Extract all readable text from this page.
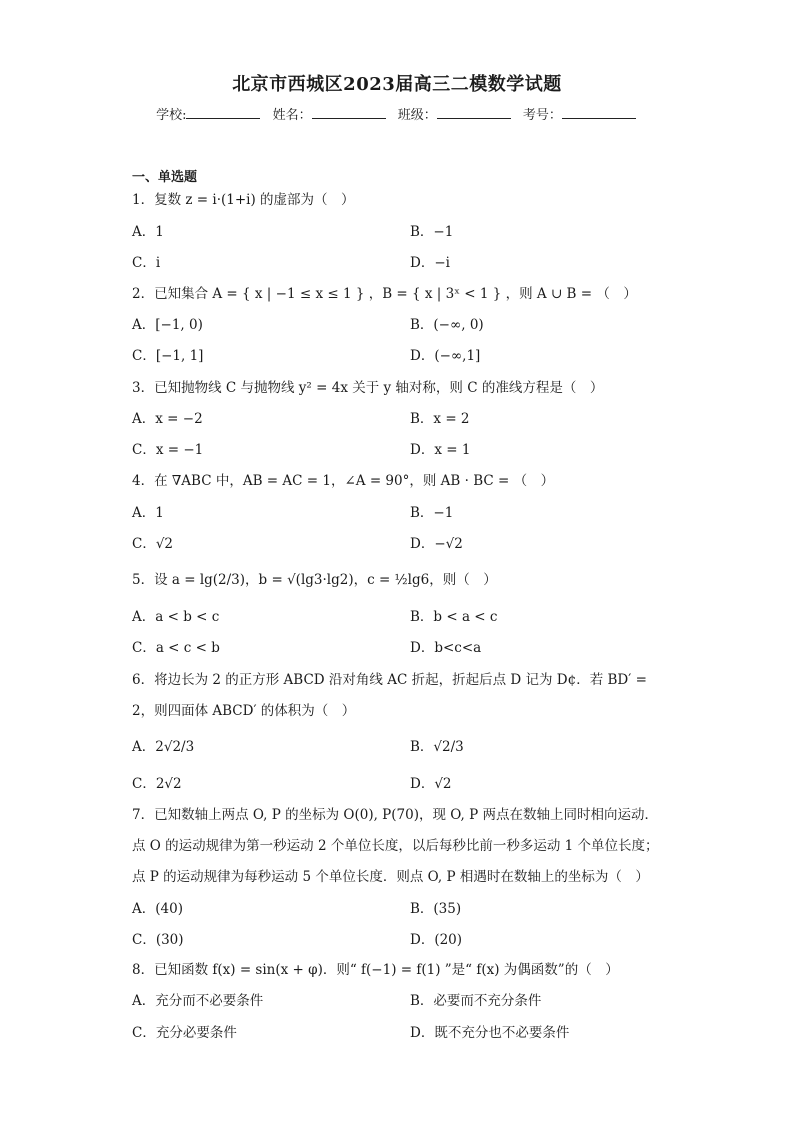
北京市西城区2023届高三二模数学试题
学校:	姓名：	班级：	考号：
一、单选题
1．复数 z = i·(1+i) 的虚部为（　）
A．1	B．−1
C．i	D．−i
2．已知集合 A = { x | −1 ≤ x ≤ 1 } ，B = { x | 3ˣ < 1 } ，则 A ∪ B = （　）
A．[−1, 0)	B．(−∞, 0)
C．[−1, 1]	D．(−∞,1]
3．已知抛物线 C 与抛物线 y² = 4x 关于 y 轴对称，则 C 的准线方程是（　）
A．x = −2	B．x = 2
C．x = −1	D．x = 1
4．在 ∇ABC 中，AB = AC = 1，∠A = 90°，则 AB · BC = （　）
A．1	B．−1
C．√2	D．−√2
5．设 a = lg(2/3)，b = √(lg3·lg2)，c = ½lg6，则（　）
A．a < b < c	B．b < a < c
C．a < c < b	D．b<c<a
6．将边长为 2 的正方形 ABCD 沿对角线 AC 折起，折起后点 D 记为 D¢．若 BD′ = 2，则四面体 ABCD′ 的体积为（　）
A．2√2/3	B．√2/3
C．2√2	D．√2
7．已知数轴上两点 O, P 的坐标为 O(0), P(70)，现 O, P 两点在数轴上同时相向运动．点 O 的运动规律为第一秒运动 2 个单位长度，以后每秒比前一秒多运动 1 个单位长度；点 P 的运动规律为每秒运动 5 个单位长度．则点 O, P 相遇时在数轴上的坐标为（　）
A．(40)	B．(35)
C．(30)	D．(20)
8．已知函数 f(x) = sin(x + φ)．则“ f(−1) = f(1) ”是“ f(x) 为偶函数”的（　）
A．充分而不必要条件	B．必要而不充分条件
C．充分必要条件	D．既不充分也不必要条件
